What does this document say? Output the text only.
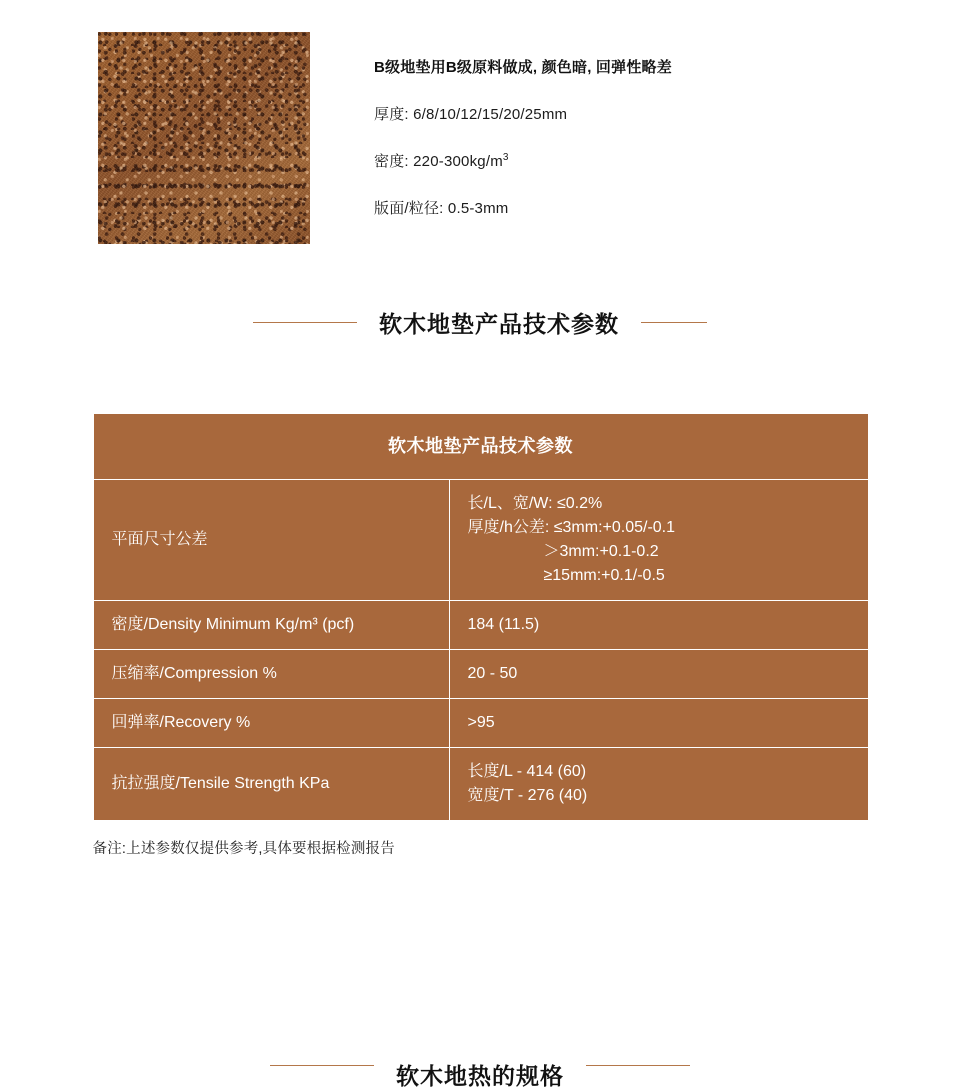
B级地垫用B级原料做成, 颜色暗, 回弹性略差

厚度: 6/8/10/12/15/20/25mm

密度: $220-300kg/m^3$

版面/粒径: 0.5-3mm

软木地垫产品技术参数
软木地垫产品技术参数	
平面尺寸公差	长/L、宽/W: ≤0.2%
厚度/h公差: ≤3mm:+0.05/-0.1
＞3mm:+0.1-0.2
≥15mm:+0.1/-0.5

密度/Density Minimum Kg/m³ (pcf)	184 (11.5)
压缩率/Compression %	20 - 50
回弹率/Recovery %	>95
抗拉强度/Tensile Strength KPa	长度/L - 414 (60)
宽度/T - 276 (40)

备注:上述参数仅提供参考,具体要根据检测报告

软木地热的规格
